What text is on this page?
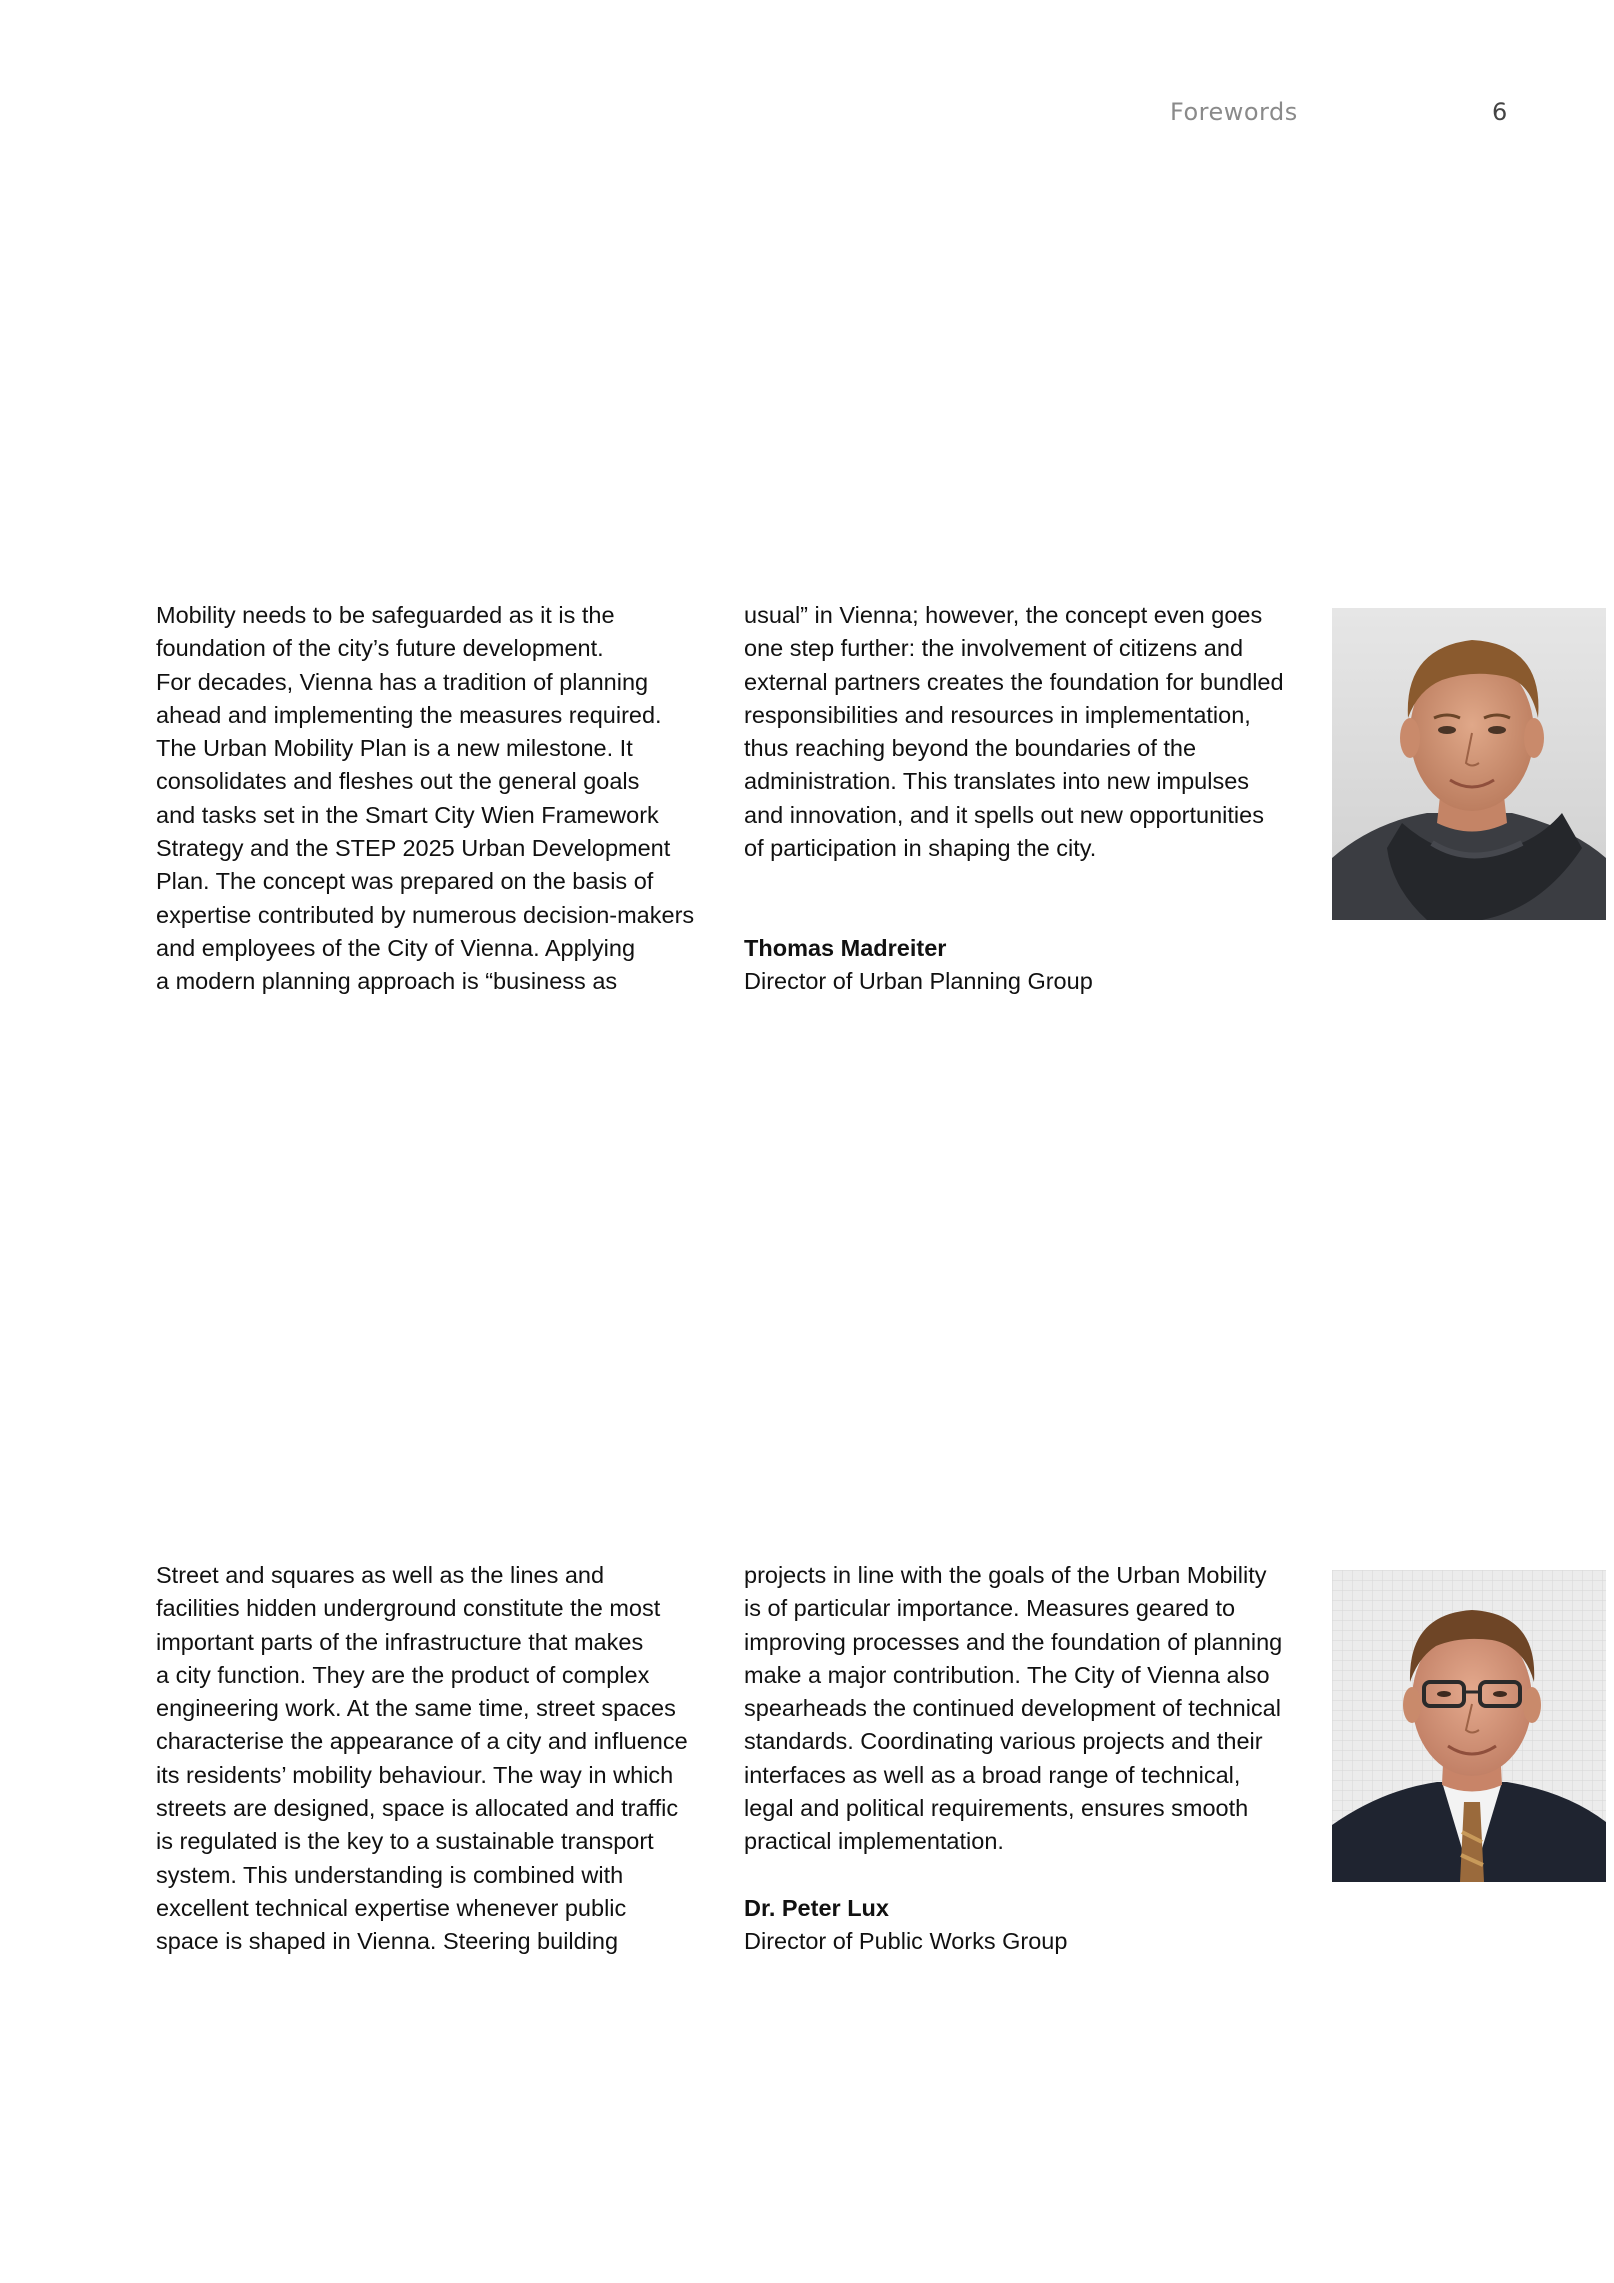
Forewords	6
Mobility needs to be safeguarded as it is the
foundation of the city’s future development.
For decades, Vienna has a tradition of planning
ahead and implementing the measures required.
The Urban Mobility Plan is a new milestone. It
consolidates and fleshes out the general goals
and tasks set in the Smart City Wien Framework
Strategy and the STEP 2025 Urban Development
Plan. The concept was prepared on the basis of
expertise contributed by numerous decision-makers
and employees of the City of Vienna. Applying
a modern planning approach is “business as
usual” in Vienna; however, the concept even goes
one step further: the involvement of citizens and
external partners creates the foundation for bundled
responsibilities and resources in implementation,
thus reaching beyond the boundaries of the
administration. This translates into new impulses
and innovation, and it spells out new opportunities
of participation in shaping the city.
Thomas Madreiter
Director of Urban Planning Group
Street and squares as well as the lines and
facilities hidden underground constitute the most
important parts of the infrastructure that makes
a city function. They are the product of complex
engineering work. At the same time, street spaces
characterise the appearance of a city and influence
its residents’ mobility behaviour. The way in which
streets are designed, space is allocated and traffic
is regulated is the key to a sustainable transport
system. This understanding is combined with
excellent technical expertise whenever public
space is shaped in Vienna. Steering building
projects in line with the goals of the Urban Mobility
is of particular importance. Measures geared to
improving processes and the foundation of planning
make a major contribution. The City of Vienna also
spearheads the continued development of technical
standards. Coordinating various projects and their
interfaces as well as a broad range of technical,
legal and political requirements, ensures smooth
practical implementation.
Dr. Peter Lux
Director of Public Works Group
